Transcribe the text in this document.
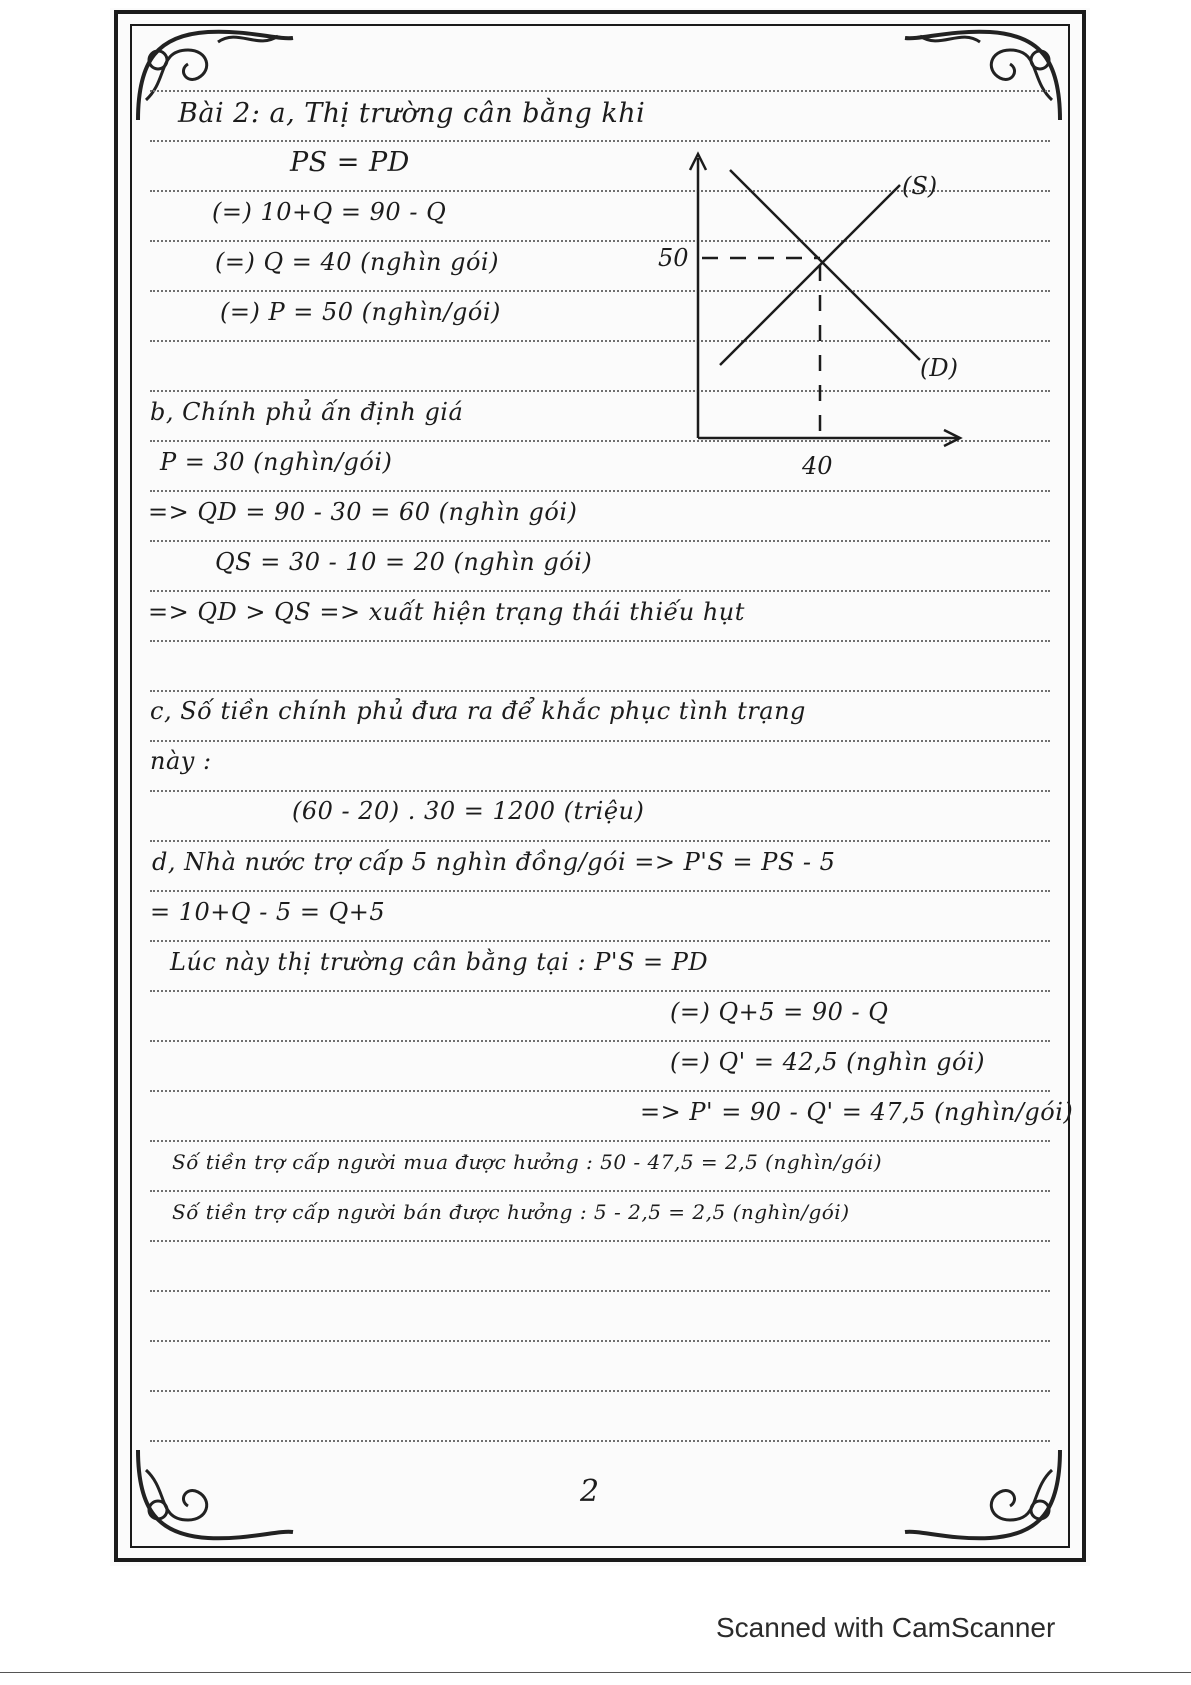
Bài 2: a, Thị trường cân bằng khi
PS = PD
(=) 10+Q = 90 - Q
(=) Q = 40 (nghìn gói)
(=) P = 50 (nghìn/gói)
b, Chính phủ ấn định giá
P = 30 (nghìn/gói)
=> QD = 90 - 30 = 60 (nghìn gói)
QS = 30 - 10 = 20 (nghìn gói)
=> QD > QS => xuất hiện trạng thái thiếu hụt
c, Số tiền chính phủ đưa ra để khắc phục tình trạng
này :
(60 - 20) . 30 = 1200 (triệu)
d, Nhà nước trợ cấp 5 nghìn đồng/gói => P'S = PS - 5
= 10+Q - 5 = Q+5
Lúc này thị trường cân bằng tại : P'S = PD
(=) Q+5 = 90 - Q
(=) Q' = 42,5 (nghìn gói)
=> P' = 90 - Q' = 47,5 (nghìn/gói)
Số tiền trợ cấp người mua được hưởng : 50 - 47,5 = 2,5 (nghìn/gói)
Số tiền trợ cấp người bán được hưởng : 5 - 2,5 = 2,5 (nghìn/gói)
50
40
(S)
(D)
2
Scanned with CamScanner
